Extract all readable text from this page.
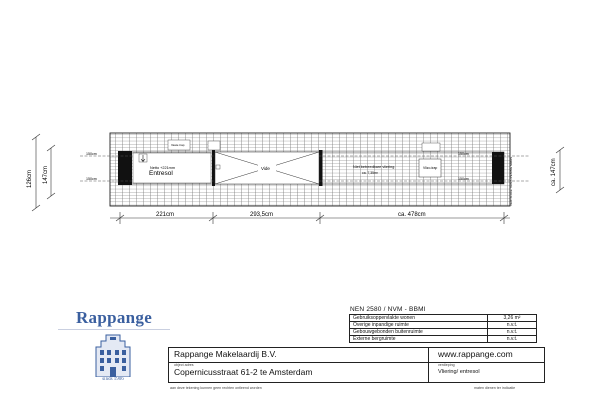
150cm
150cm
150cm
150cm
Netto +221mm
Entresol
Vaste trap
Vide	Niet betreedbare vliering
ca. 7,35m²
Vlizo-trap	VERTICALE TRAPOPENING MMRS
126cm 147cm	ca. 147cm
221cm	293,5cm	ca. 478cm
Rappange
sinds 1906
NEN 2580 / NVM - BBMI
Gebruiksoppervlakte wonen	3,26 m²
Overige inpandige ruimte	n.v.t.
Gebouwgebonden buitenruimte	n.v.t.
Externe bergruimte	n.v.t.
Rappange Makelaardij B.V.	www.rappange.com
object adres
Copernicusstraat 61-2 te Amsterdam
verdieping
Vliering/ entresol
aan deze tekening kunnen geen rechten ontleend worden	maten dienen ter indicatie
